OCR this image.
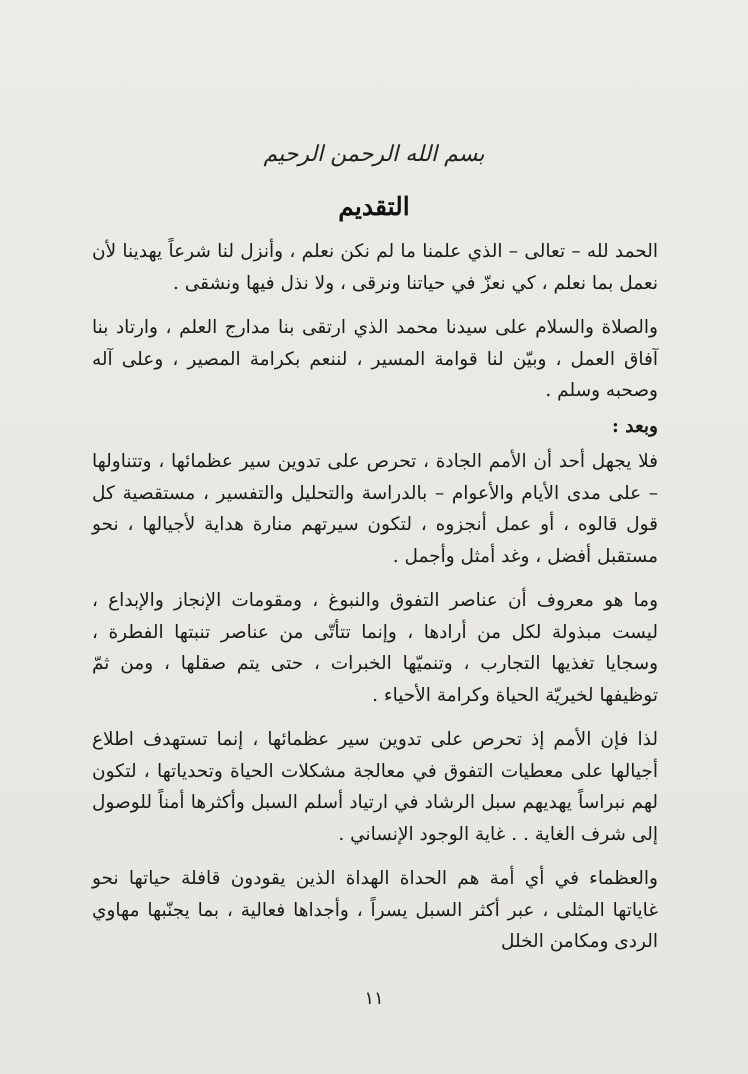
بسم الله الرحمن الرحيم
التقديم

الحمد لله – تعالى – الذي علمنا ما لم نكن نعلم ، وأنزل لنا شرعاً يهدينا لأن نعمل بما نعلم ، كي نعزّ في حياتنا ونرقى ، ولا نذل فيها ونشقى .

والصلاة والسلام على سيدنا محمد الذي ارتقى بنا مدارج العلم ، وارتاد بنا آفاق العمل ، وبيّن لنا قوامة المسير ، لننعم بكرامة المصير ، وعلى آله وصحبه وسلم .

وبعد :

فلا يجهل أحد أن الأمم الجادة ، تحرص على تدوين سير عظمائها ، وتتناولها – على مدى الأيام والأعوام – بالدراسة والتحليل والتفسير ، مستقصية كل قول قالوه ، أو عمل أنجزوه ، لتكون سيرتهم منارة هداية لأجيالها ، نحو مستقبل أفضل ، وغد أمثل وأجمل .

وما هو معروف أن عناصر التفوق والنبوغ ، ومقومات الإنجاز والإبداع ، ليست مبذولة لكل من أرادها ، وإنما تتأتّى من عناصر تنبتها الفطرة ، وسجايا تغذيها التجارب ، وتنميّها الخبرات ، حتى يتم صقلها ، ومن ثمّ توظيفها لخيريّة الحياة وكرامة الأحياء .

لذا فإن الأمم إذ تحرص على تدوين سير عظمائها ، إنما تستهدف اطلاع أجيالها على معطيات التفوق في معالجة مشكلات الحياة وتحدياتها ، لتكون لهم نبراساً يهديهم سبل الرشاد في ارتياد أسلم السبل وأكثرها أمناً للوصول إلى شرف الغاية . . غاية الوجود الإنساني .

والعظماء في أي أمة هم الحداة الهداة الذين يقودون قافلة حياتها نحو غاياتها المثلى ، عبر أكثر السبل يسراً ، وأجداها فعالية ، بما يجنّبها مهاوي الردى ومكامن الخلل

١١
